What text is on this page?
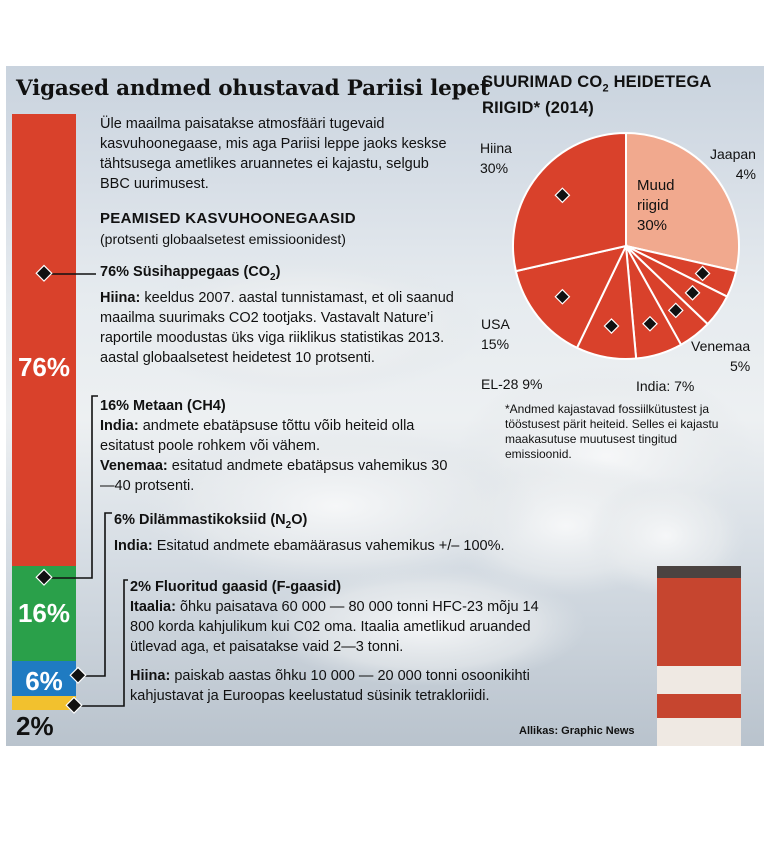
Vigased andmed ohustavad Pariisi lepet
76%
16%
6%
2%
Üle maailma paisatakse atmosfääri tugevaid kasvuhoonegaase, mis aga Pariisi leppe jaoks keskse tähtsusega ametlikes aruannetes ei kajastu, selgub BBC uurimusest.
PEAMISED KASVUHOONEGAASID
(protsenti globaalsetest emissioonidest)
76% Süsihappegaas $(CO_2)$
Hiina: keeldus 2007. aastal tunnistamast, et oli saanud maailma suurimaks CO2 tootjaks. Vastavalt Nature’i raportile moodustas üks viga riiklikus statistikas 2013. aastal globaalsetest heidetest 10 protsenti.
16% Metaan (CH4)
India: andmete ebatäpsuse tõttu võib heiteid olla esitatust poole rohkem või vähem.
Venemaa: esitatud andmete ebatäpsus vahemikus 30—40 protsenti.
6% Dilämmastikoksiid $(N_2O)$
India: Esitatud andmete ebamäärasus vahemikus +/– 100%.
2% Fluoritud gaasid (F-gaasid)
Itaalia: õhku paisatava 60 000 — 80 000 tonni HFC-23 mõju 14 800 korda kahjulikum kui C02 oma. Itaalia ametlikud aruanded ütlevad aga, et paisatakse vaid 2—3 tonni.
Hiina: paiskab aastas õhku 10 000 — 20 000 tonni osoonikihti kahjustavat ja Euroopas keelustatud süsinik tetrakloriidi.
SUURIMAD $CO_2$ HEIDETEGA
RIIGID* (2014)
Hiina
30%
Jaapan
4%
Muud
riigid
30%
USA
15%
EL-28 9%	India: 7%
Venemaa
5%
*Andmed kajastavad fossiilkütustest ja tööstusest pärit heiteid. Selles ei kajastu maakasutuse muutusest tingitud emissioonid.
Allikas: Graphic News
